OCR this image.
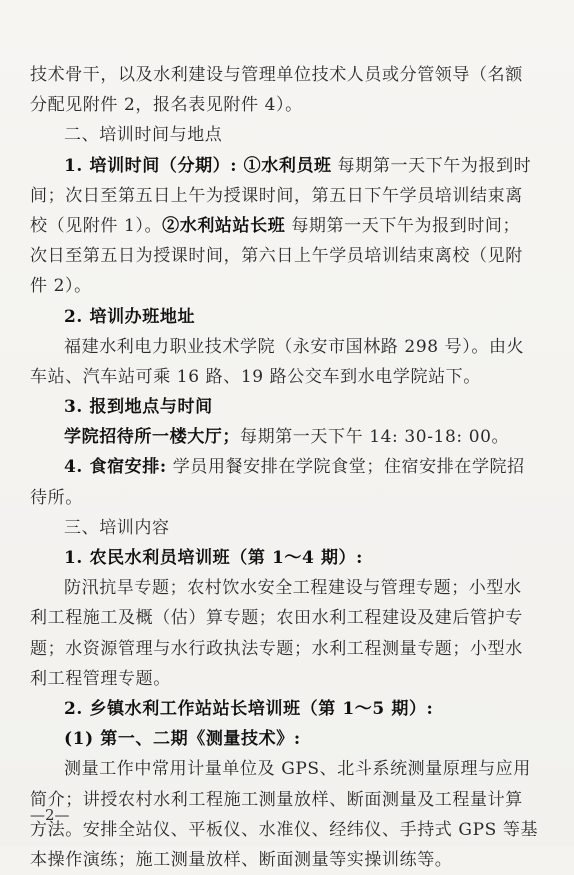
技术骨干，以及水利建设与管理单位技术人员或分管领导（名额
分配见附件 2，报名表见附件 4）。
二、培训时间与地点
1. 培训时间（分期）: ①水利员班 每期第一天下午为报到时
间；次日至第五日上午为授课时间，第五日下午学员培训结束离
校（见附件 1）。②水利站站长班 每期第一天下午为报到时间；
次日至第五日为授课时间，第六日上午学员培训结束离校（见附
件 2）。
2. 培训办班地址
福建水利电力职业技术学院（永安市国林路 298 号）。由火
车站、汽车站可乘 16 路、19 路公交车到水电学院站下。
3. 报到地点与时间
学院招待所一楼大厅；每期第一天下午 14: 30-18: 00。
4. 食宿安排: 学员用餐安排在学院食堂；住宿安排在学院招
待所。
三、培训内容
1. 农民水利员培训班（第 1～4 期）:
防汛抗旱专题；农村饮水安全工程建设与管理专题；小型水
利工程施工及概（估）算专题；农田水利工程建设及建后管护专
题；水资源管理与水行政执法专题；水利工程测量专题；小型水
利工程管理专题。
2. 乡镇水利工作站站长培训班（第 1～5 期）:
(1) 第一、二期《测量技术》:
测量工作中常用计量单位及 GPS、北斗系统测量原理与应用
简介；讲授农村水利工程施工测量放样、断面测量及工程量计算
方法。安排全站仪、平板仪、水准仪、经纬仪、手持式 GPS 等基
本操作演练；施工测量放样、断面测量等实操训练等。
—2—
